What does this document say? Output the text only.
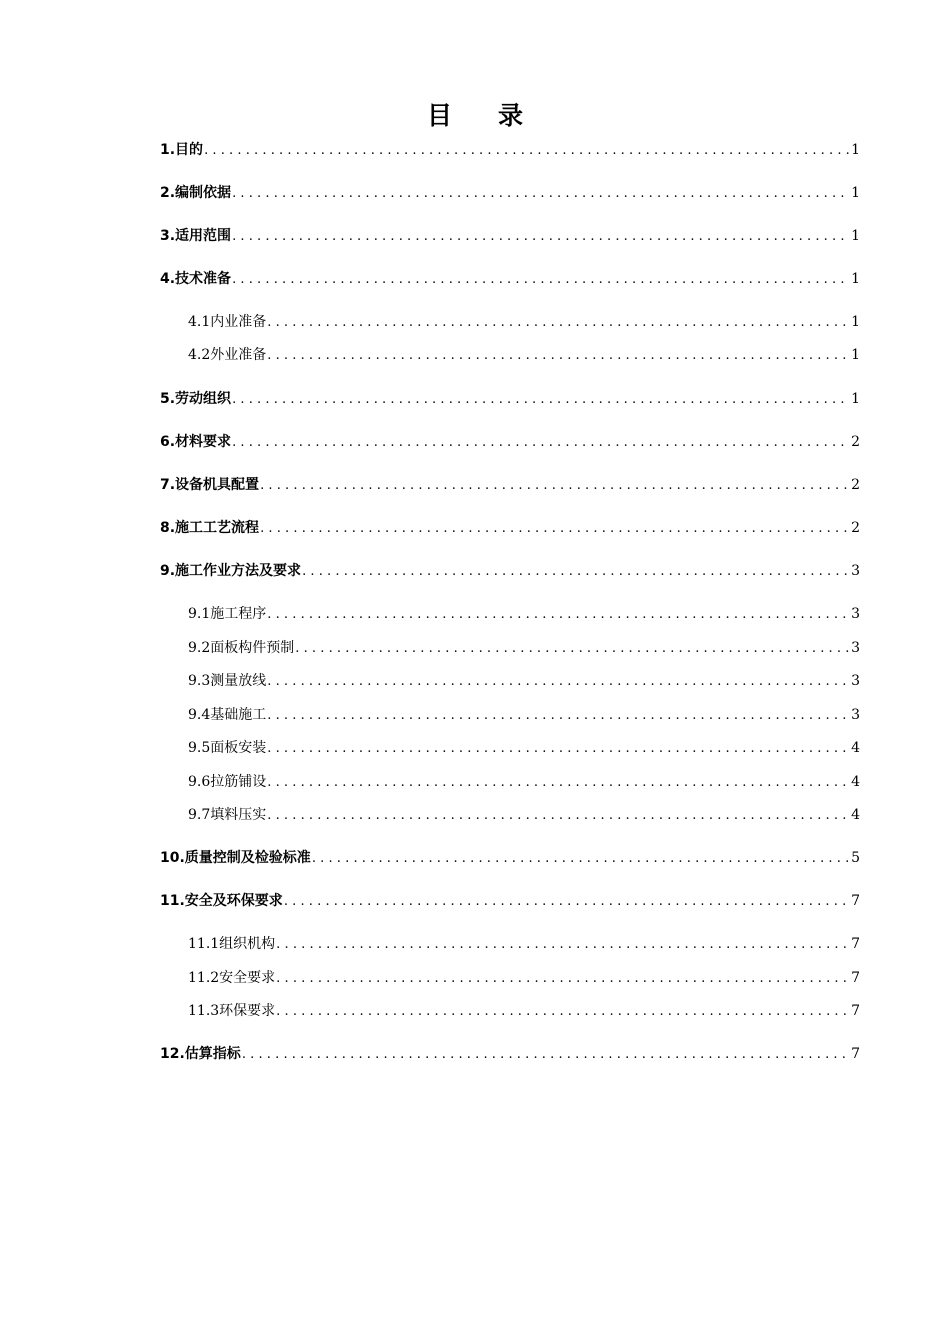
目录
1.目的 .....	1
2.编制依据 .....	1
3.适用范围 .....	1
4.技术准备 .....	1
4.1内业准备 .....	1
4.2外业准备 .....	1
5.劳动组织 .....	1
6.材料要求 .....	2
7.设备机具配置 .....	2
8.施工工艺流程 .....	2
9.施工作业方法及要求 .....	3
9.1施工程序 .....	3
9.2面板构件预制 .....	3
9.3测量放线 .....	3
9.4基础施工 .....	3
9.5面板安装 .....	4
9.6拉筋铺设 .....	4
9.7填料压实 .....	4
10.质量控制及检验标准 .....	5
11.安全及环保要求 .....	7
11.1组织机构 .....	7
11.2安全要求 .....	7
11.3环保要求 .....	7
12.估算指标 .....	7
